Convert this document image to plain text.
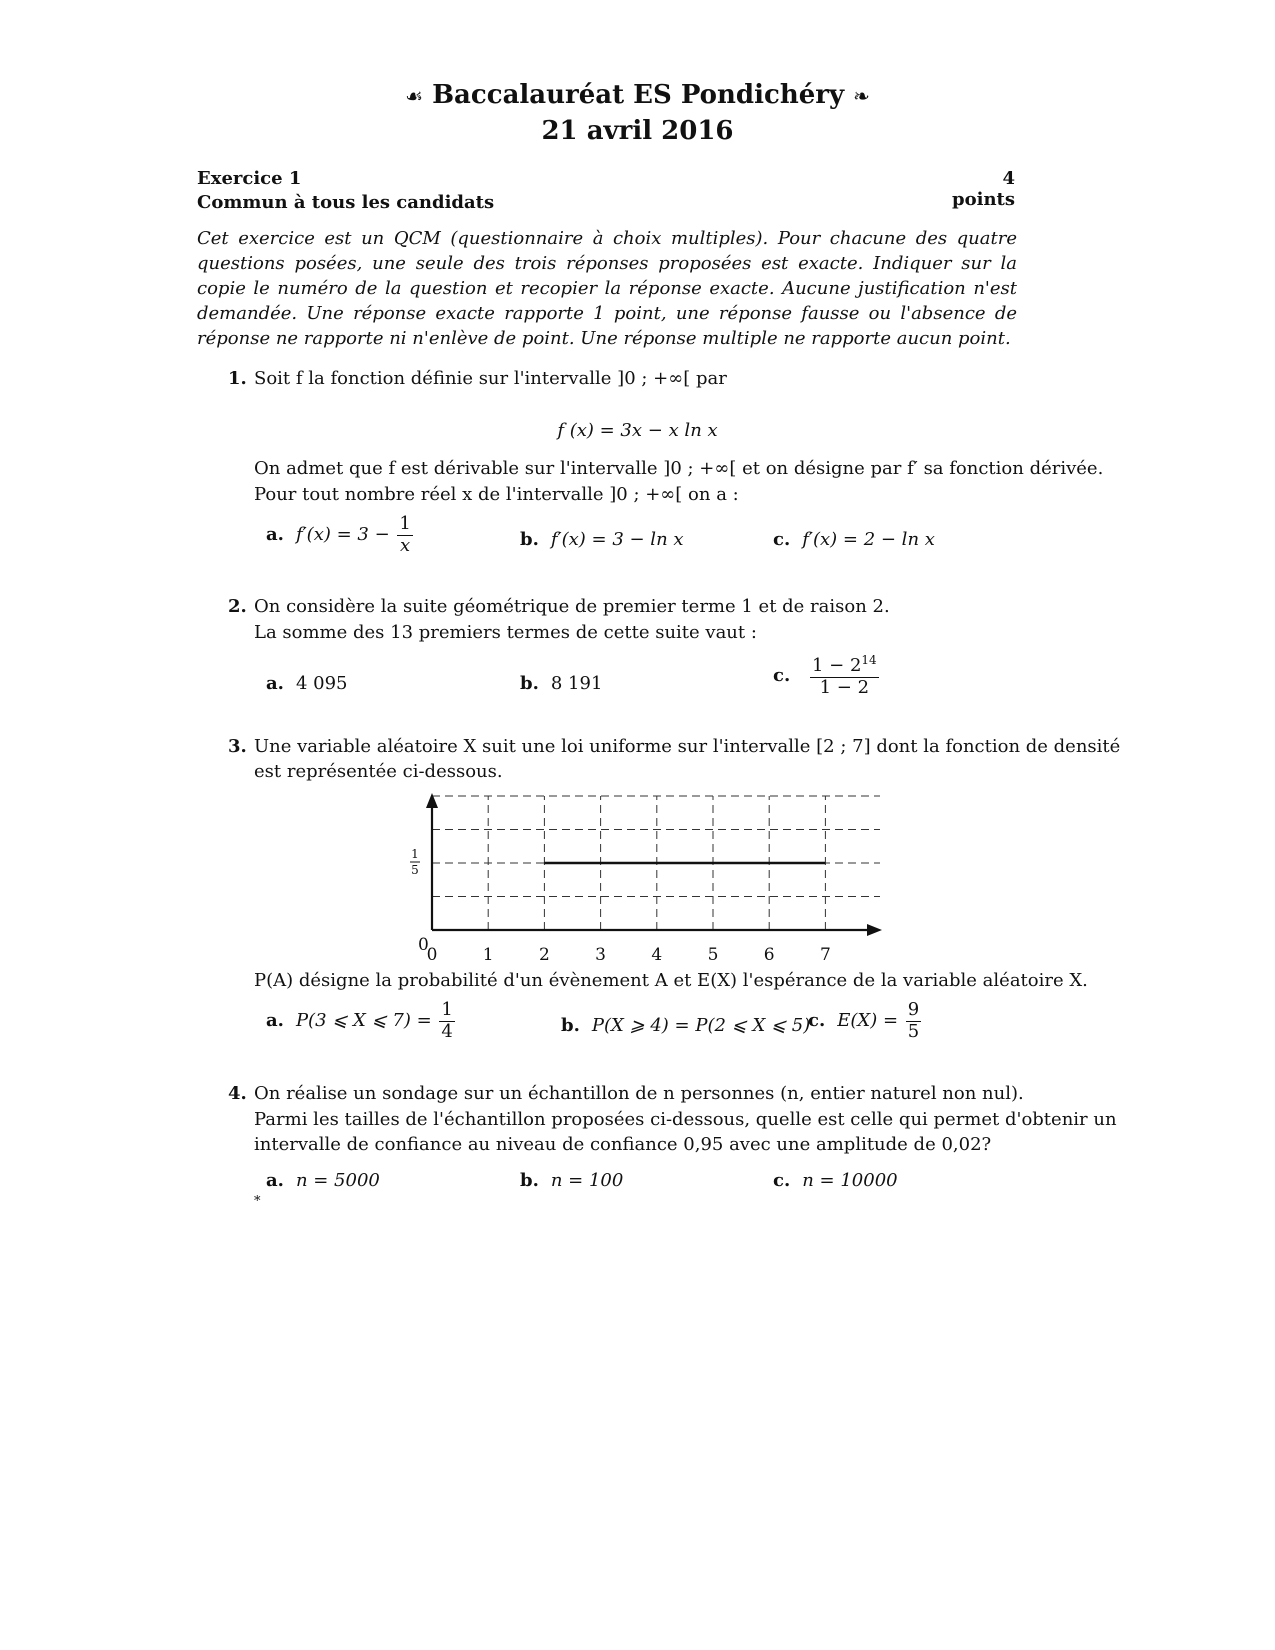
☙ Baccalauréat ES Pondichéry ❧
21 avril 2016
Exercice 1	4 points
Commun à tous les candidats
Cet exercice est un QCM (questionnaire à choix multiples). Pour chacune des quatre questions posées, une seule des trois réponses proposées est exacte. Indiquer sur la copie le numéro de la question et recopier la réponse exacte. Aucune justification n'est demandée. Une réponse exacte rapporte 1 point, une réponse fausse ou l'absence de réponse ne rapporte ni n'enlève de point. Une réponse multiple ne rapporte aucun point.
1. Soit f la fonction définie sur l'intervalle ]0 ; +∞[ par
f (x) = 3x − x ln x
On admet que f est dérivable sur l'intervalle ]0 ; +∞[ et on désigne par f′ sa fonction dérivée.
Pour tout nombre réel x de l'intervalle ]0 ; +∞[ on a :
a. $f'(x) = 3 - \frac{1}{x}$	b. f′(x) = 3 − ln x	c. f′(x) = 2 − ln x
2. On considère la suite géométrique de premier terme 1 et de raison 2.
La somme des 13 premiers termes de cette suite vaut :
a. 4 095	b. 8 191	c. $\frac{1 - 2^{14}}{1 - 2}$
3. Une variable aléatoire X suit une loi uniforme sur l'intervalle [2 ; 7] dont la fonction de densité
est représentée ci-dessous.
0
1
5
0	1	2	3	4	5	6	7
P(A) désigne la probabilité d'un évènement A et E(X) l'espérance de la variable aléatoire X.
a. P(3 ⩽ X ⩽ $7) = \frac{1}{4}$	b. P(X ⩾ 4) = P(2 ⩽ X ⩽ 5)
c. $E(X) = \frac{9}{5}$
4. On réalise un sondage sur un échantillon de n personnes (n, entier naturel non nul).
Parmi les tailles de l'échantillon proposées ci-dessous, quelle est celle qui permet d'obtenir un
intervalle de confiance au niveau de confiance 0,95 avec une amplitude de 0,02?
a. n = 5000	b. n = 100	c. n = 10000
*
